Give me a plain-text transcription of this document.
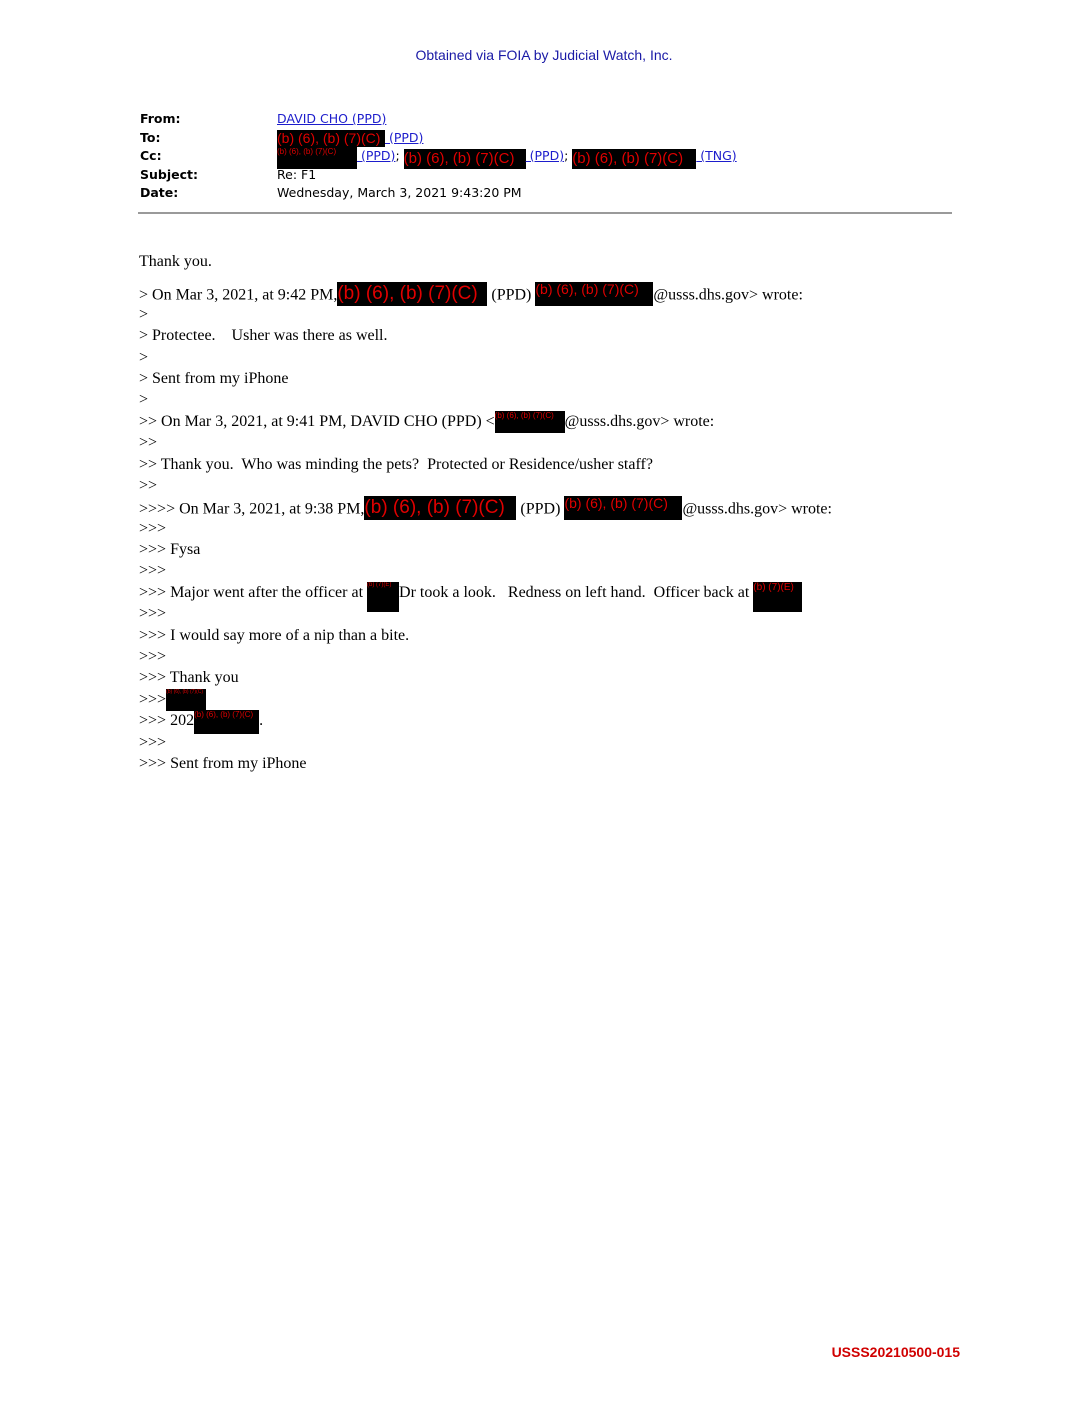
Obtained via FOIA by Judicial Watch, Inc.
From:	DAVID CHO (PPD)
To:	(b) (6), (b) (7)(C) (PPD)
Cc:	(b) (6), (b) (7)(C) (PPD); (b) (6), (b) (7)(C) (PPD); (b) (6), (b) (7)(C) (TNG)
Subject:	Re: F1
Date:	Wednesday, March 3, 2021 9:43:20 PM
Thank you.
> On Mar 3, 2021, at 9:42 PM,(b) (6), (b) (7)(C) (PPD) (b) (6), (b) (7)(C) @usss.dhs.gov> wrote:
>
> Protectee.    Usher was there as well.
>
> Sent from my iPhone
>
>> On Mar 3, 2021, at 9:41 PM, DAVID CHO (PPD) <(b) (6), (b) (7)(C) @usss.dhs.gov> wrote:
>>
>> Thank you.  Who was minding the pets?  Protected or Residence/usher staff?
>>
>>>> On Mar 3, 2021, at 9:38 PM,(b) (6), (b) (7)(C) (PPD) (b) (6), (b) (7)(C) @usss.dhs.gov> wrote:
>>>
>>> Fysa
>>>
>>> Major went after the officer at (b) (7)(E) Dr took a look.   Redness on left hand.  Officer back at (b) (7)(E)
>>>
>>> I would say more of a nip than a bite.
>>>
>>> Thank you
>>>(b) (6), (b) (7)(C)
>>> 202(b) (6), (b) (7)(C) .
>>>
>>> Sent from my iPhone
USSS20210500-015
